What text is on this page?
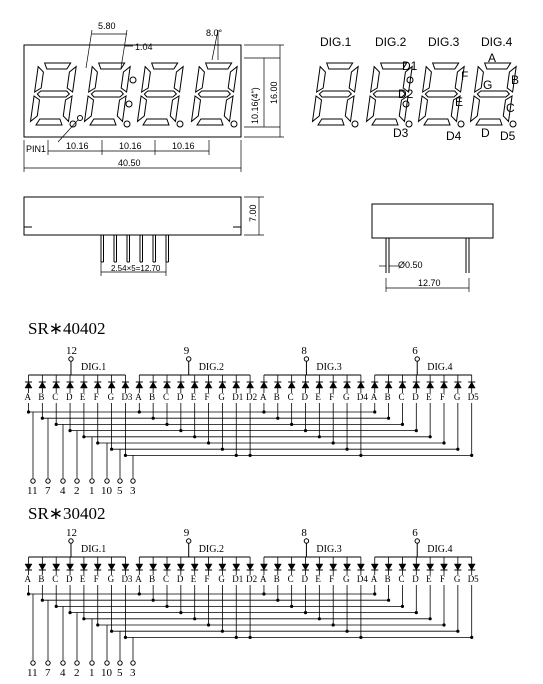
5.80
1.04
8.0°
10.16(4") 16.00
10.16	10.16	10.16
40.50
PIN1
DIG.1 DIG.2 DIG.3 DIG.4
A
B
C
D
E
F
G
D1
D2
D3	D4	D5
7.00
2.54×5=12.70	Ø0.50
12.70
12
DIG.1
9
DIG.2
8
DIG.3
6
DIG.4
A B C D E F G D3 A B C D E F G D1 D2 A B C D E F G D4 A B C D E F G D5
11 7 4 2 1 10 5 3
12
DIG.1
9
DIG.2
8
DIG.3
6
DIG.4
A B C D E F G D3 A B C D E F G D1 D2 A B C D E F G D4 A B C D E F G D5
11 7 4 2 1 10 5 3
SR∗40402
SR∗30402
